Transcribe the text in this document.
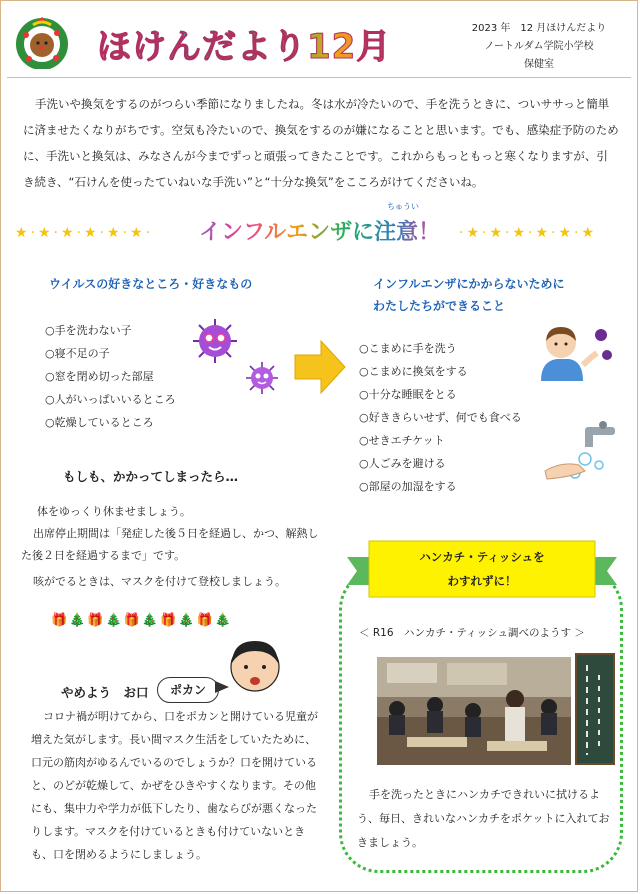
ほけんだより12月	2023 年　12 月ほけんだより
ノートルダム学院小学校
保健室
手洗いや換気をするのがつらい季節になりましたね。冬は水が冷たいので、手を洗うときに、ついササっと簡単に済ませたくなりがちです。空気も冷たいので、換気をするのが嫌になることと思います。でも、感染症予防のために、手洗いと換気は、みなさんが今までずっと頑張ってきたことです。これからもっともっと寒くなりますが、引き続き、“石けんを使ったていねいな手洗い”と“十分な換気”をこころがけてくださいね。
★·★·★·★·★·★·
ちゅうい
インフルエンザに注意！ ·★·★·★·★·★·★
ウイルスの好きなところ・好きなもの
○手を洗わない子
○寝不足の子
○窓を閉め切った部屋
○人がいっぱいいるところ
○乾燥しているところ
インフルエンザにかからないために
わたしたちができること
○こまめに手を洗う
○こまめに換気をする
○十分な睡眠をとる
○好ききらいせず、何でも食べる
○せきエチケット
○人ごみを避ける
○部屋の加湿をする
もしも、かかってしまったら…
体をゆっくり休ませましょう。
出席停止期間は「発症した後５日を経過し、かつ、解熱した後２日を経過するまで」です。
咳がでるときは、マスクを付けて登校しましょう。
🎁🎄🎁🎄🎁🎄🎁🎄🎁🎄
やめよう　お口	ポカン
コロナ禍が明けてから、口をポカンと開けている児童が増えた気がします。長い間マスク生活をしていたために、口元の筋肉がゆるんでいるのでしょうか？口を開けていると、のどが乾燥して、かぜをひきやすくなります。その他にも、集中力や学力が低下したり、歯ならびが悪くなったりします。マスクを付けているときも付けていないときも、口を閉めるようにしましょう。
ハンカチ・ティッシュを
わすれずに！
＜ R16　ハンカチ・ティッシュ調べのようす ＞
手を洗ったときにハンカチできれいに拭けるよう、毎日、きれいなハンカチをポケットに入れておきましょう。
